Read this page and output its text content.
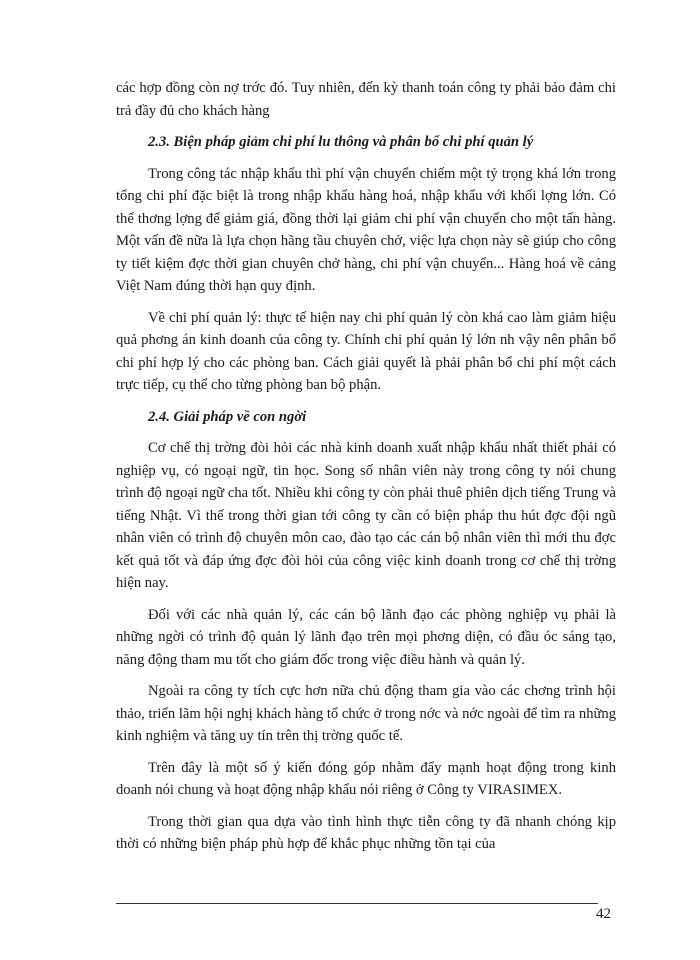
các hợp đồng còn nợ trớc đó. Tuy nhiên, đến kỳ thanh toán công ty phải bảo đảm chi trả đầy đủ cho khách hàng

2.3. Biện pháp giảm chi phí lu thông và phân bổ chi phí quản lý

Trong công tác nhập khẩu thì phí vận chuyển chiếm một tỷ trọng khá lớn trong tổng chi phí đặc biệt là trong nhập khẩu hàng hoá, nhập khẩu với khối lợng lớn. Có thể thơng lợng để giảm giá, đồng thời lại giảm chi phí vận chuyển cho một tấn hàng. Một vấn đề nữa là lựa chọn hãng tầu chuyên chở, việc lựa chọn này sẽ giúp cho công ty tiết kiệm đợc thời gian chuyên chở hàng, chi phí vận chuyển... Hàng hoá về cảng Việt Nam đúng thời hạn quy định.

Về chi phí quản lý: thực tế hiện nay chi phí quản lý còn khá cao làm giảm hiệu quả phơng án kinh doanh của công ty. Chính chi phí quản lý lớn nh vậy nên phân bổ chi phí hợp lý cho các phòng ban. Cách giải quyết là phải phân bổ chi phí một cách trực tiếp, cụ thể cho từng phòng ban bộ phận.

2.4. Giải pháp về con ngời

Cơ chế thị trờng đòi hỏi các nhà kinh doanh xuất nhập khẩu nhất thiết phải có nghiệp vụ, có ngoại ngữ, tin học. Song số nhân viên này trong công ty nói chung trình độ ngoại ngữ cha tốt. Nhiều khi công ty còn phải thuê phiên dịch tiếng Trung và tiếng Nhật. Vì thế trong thời gian tới công ty cần có biện pháp thu hút đợc đội ngũ nhân viên có trình độ chuyên môn cao, đào tạo các cán bộ nhân viên thì mới thu đợc kết quả tốt và đáp ứng đợc đòi hỏi của công việc kinh doanh trong cơ chế thị trờng hiện nay.

Đối với các nhà quản lý, các cán bộ lãnh đạo các phòng nghiệp vụ phải là những ngời có trình độ quản lý lãnh đạo trên mọi phơng diện, có đầu óc sáng tạo, năng động tham mu tốt cho giám đốc trong việc điều hành và quản lý.

Ngoài ra công ty tích cực hơn nữa chủ động tham gia vào các chơng trình hội thảo, triển lãm hội nghị khách hàng tổ chức ở trong nớc và nớc ngoài để tìm ra những kinh nghiệm và tăng uy tín trên thị trờng quốc tế.

Trên đây là một số ý kiến đóng góp nhằm đẩy mạnh hoạt động trong kinh doanh nói chung và hoạt động nhập khẩu nói riêng ở Công ty VIRASIMEX.

Trong thời gian qua dựa vào tình hình thực tiễn công ty đã nhanh chóng kịp thời có những biện pháp phù hợp để khắc phục những tồn tại của

42
